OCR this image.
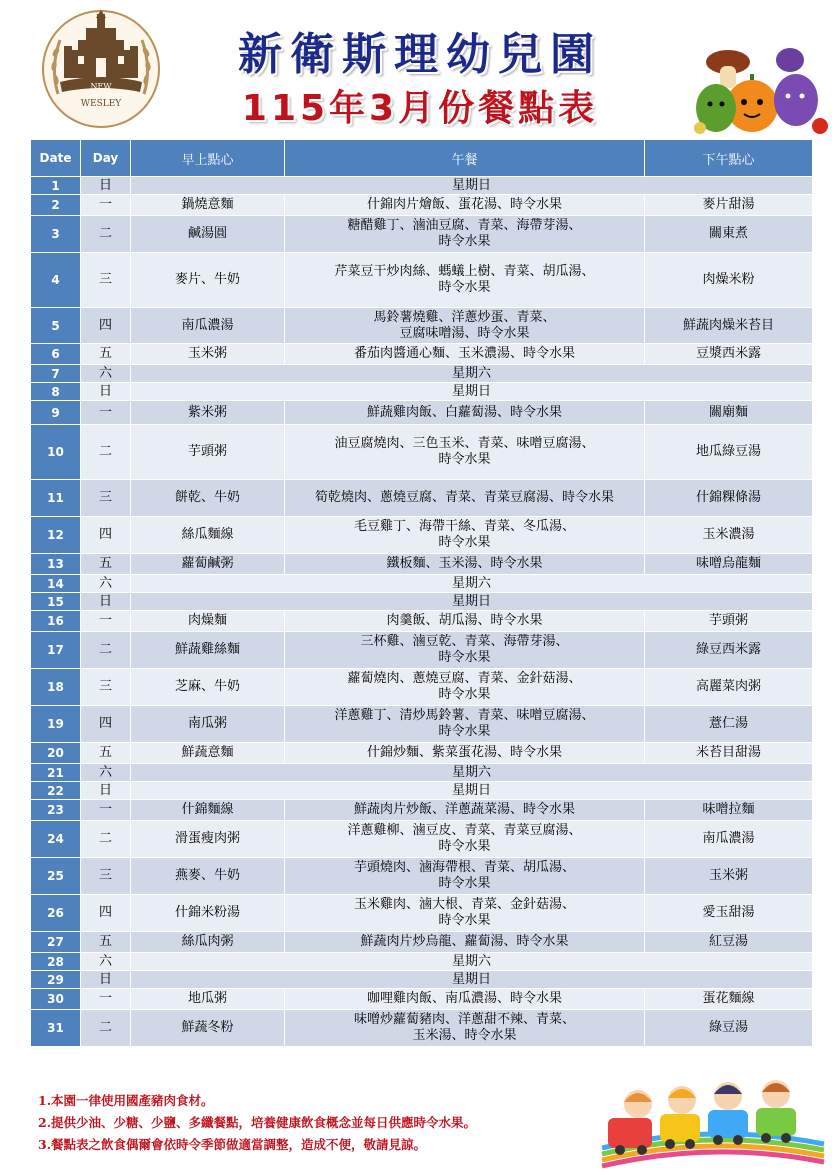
NEW
WESLEY
新衛斯理幼兒園
115年3月份餐點表
Date	Day	早上點心	午餐	下午點心
1	日	星期日		
2	一	鍋燒意麵	什錦肉片燴飯、蛋花湯、時令水果	麥片甜湯
3	二	鹹湯圓	糖醋雞丁、滷油豆腐、青菜、海帶芽湯、
時令水果	關東煮
4	三	麥片、牛奶	芹菜豆干炒肉絲、螞蟻上樹、青菜、胡瓜湯、
時令水果	肉燥米粉
5	四	南瓜濃湯	馬鈴薯燒雞、洋蔥炒蛋、青菜、
豆腐味噌湯、時令水果	鮮蔬肉燥米苔目
6	五	玉米粥	番茄肉醬通心麵、玉米濃湯、時令水果	豆漿西米露
7	六	星期六		
8	日	星期日		
9	一	紫米粥	鮮蔬雞肉飯、白蘿蔔湯、時令水果	關廟麵
10	二	芋頭粥	油豆腐燒肉、三色玉米、青菜、味噌豆腐湯、
時令水果	地瓜綠豆湯
11	三	餅乾、牛奶	筍乾燒肉、蔥燒豆腐、青菜、青菜豆腐湯、時令水果	什錦粿條湯
12	四	絲瓜麵線	毛豆雞丁、海帶干絲、青菜、冬瓜湯、
時令水果	玉米濃湯
13	五	蘿蔔鹹粥	鐵板麵、玉米湯、時令水果	味噌烏龍麵
14	六	星期六		
15	日	星期日		
16	一	肉燥麵	肉羹飯、胡瓜湯、時令水果	芋頭粥
17	二	鮮蔬雞絲麵	三杯雞、滷豆乾、青菜、海帶芽湯、
時令水果	綠豆西米露
18	三	芝麻、牛奶	蘿蔔燒肉、蔥燒豆腐、青菜、金針菇湯、
時令水果	高麗菜肉粥
19	四	南瓜粥	洋蔥雞丁、清炒馬鈴薯、青菜、味噌豆腐湯、
時令水果	薏仁湯
20	五	鮮蔬意麵	什錦炒麵、紫菜蛋花湯、時令水果	米苔目甜湯
21	六	星期六		
22	日	星期日		
23	一	什錦麵線	鮮蔬肉片炒飯、洋蔥蔬菜湯、時令水果	味噌拉麵
24	二	滑蛋瘦肉粥	洋蔥雞柳、滷豆皮、青菜、青菜豆腐湯、
時令水果	南瓜濃湯
25	三	燕麥、牛奶	芋頭燒肉、滷海帶根、青菜、胡瓜湯、
時令水果	玉米粥
26	四	什錦米粉湯	玉米雞肉、滷大根、青菜、金針菇湯、
時令水果	愛玉甜湯
27	五	絲瓜肉粥	鮮蔬肉片炒烏龍、蘿蔔湯、時令水果	紅豆湯
28	六	星期六		
29	日	星期日		
30	一	地瓜粥	咖哩雞肉飯、南瓜濃湯、時令水果	蛋花麵線
31	二	鮮蔬冬粉	味噌炒蘿蔔豬肉、洋蔥甜不辣、青菜、
玉米湯、時令水果	綠豆湯
1.本園一律使用國產豬肉食材。
2.提供少油、少糖、少鹽、多纖餐點，培養健康飲食概念並每日供應時令水果。
3.餐點表之飲食偶爾會依時令季節做適當調整，造成不便，敬請見諒。
